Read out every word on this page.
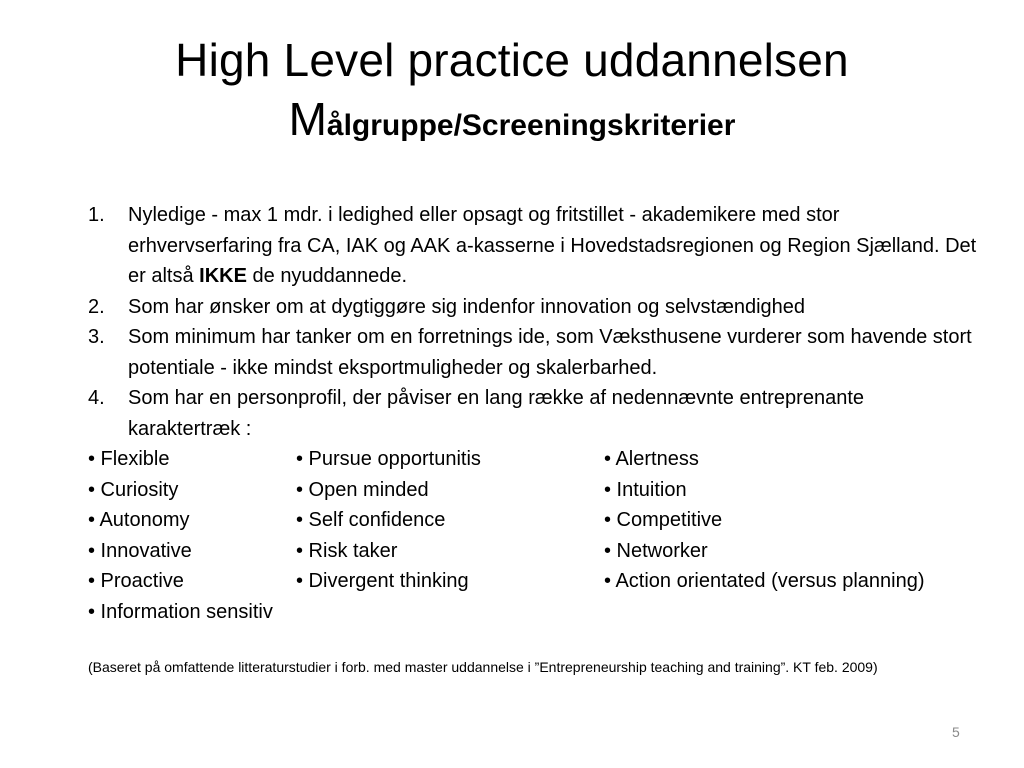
High Level practice uddannelsen
Målgruppe/Screeningskriterier
1.	Nyledige - max 1 mdr. i ledighed eller opsagt og fritstillet - akademikere med stor erhvervserfaring fra CA, IAK og AAK a-kasserne i Hovedstadsregionen og Region Sjælland. Det er altså IKKE de nyuddannede.
2.	Som har ønsker om at dygtiggøre sig indenfor innovation og selvstændighed
3.	Som minimum har tanker om en forretnings ide, som Væksthusene vurderer som havende stort potentiale - ikke mindst eksportmuligheder og skalerbarhed.
4.	Som har en personprofil, der påviser en lang række af nedennævnte entreprenante karaktertræk :
• Flexible	• Pursue opportunitis	• Alertness
• Curiosity	• Open minded	• Intuition
• Autonomy	• Self confidence	• Competitive
• Innovative	• Risk taker	• Networker
• Proactive	• Divergent thinking	• Action orientated (versus planning)
• Information sensitiv
(Baseret på omfattende litteraturstudier i forb. med master uddannelse i ”Entrepreneurship teaching and training”. KT feb. 2009)
5
